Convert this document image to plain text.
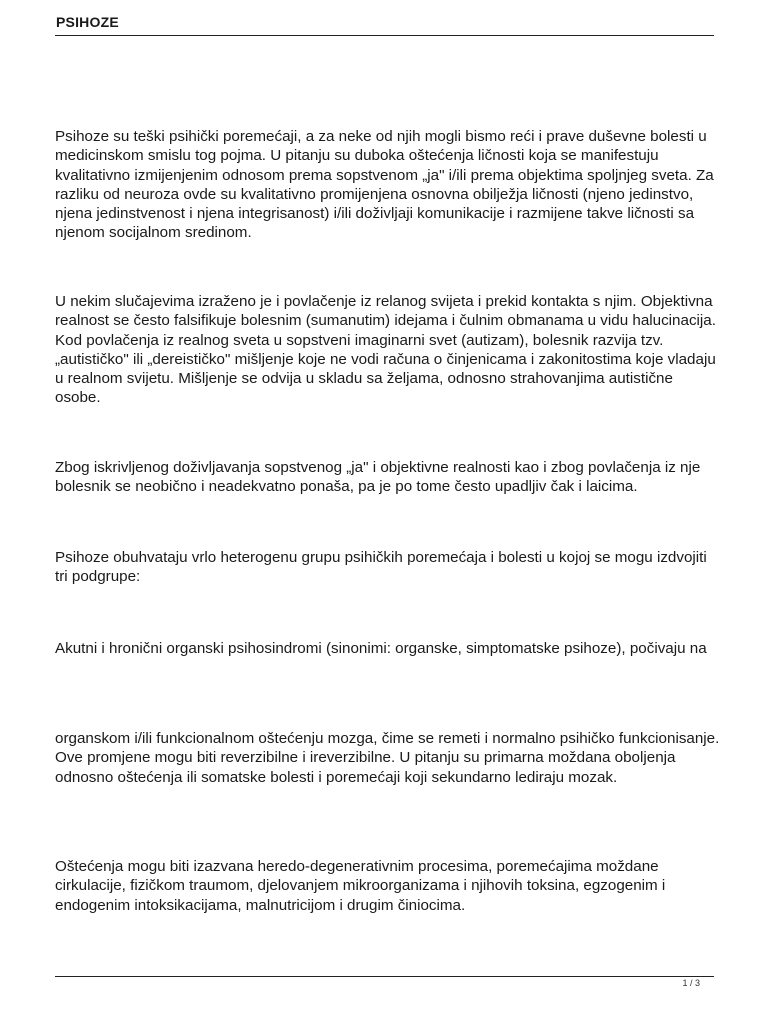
PSIHOZE

Psihoze su teški psihički poremećaji, a za neke od njih mogli bismo reći i prave duševne bolesti u medicinskom smislu tog pojma. U pitanju su duboka oštećenja ličnosti koja se manifestuju kvalitativno izmijenjenim odnosom prema sopstvenom „ja" i/ili prema objektima spoljnjeg sveta. Za razliku od neuroza ovde su kvalitativno promijenjena osnovna obilježja ličnosti (njeno jedinstvo, njena jedinstvenost i njena integrisanost) i/ili doživljaji komunikacije i razmijene takve ličnosti sa njenom socijalnom sredinom.

U nekim slučajevima izraženo je i povlačenje iz relanog svijeta i prekid kontakta s njim. Objektivna realnost se često falsifikuje bolesnim (sumanutim) idejama i čulnim obmanama u vidu halucinacija. Kod povlačenja iz realnog sveta u sopstveni imaginarni svet (autizam), bolesnik razvija tzv. „autističko" ili „dereističko" mišljenje koje ne vodi računa o činjenicama i zakonitostima koje vladaju u realnom svijetu. Mišljenje se odvija u skladu sa željama, odnosno strahovanjima autistične osobe.

Zbog iskrivljenog doživljavanja sopstvenog „ja" i objektivne realnosti kao i zbog povlačenja iz nje bolesnik se neobično i neadekvatno ponaša, pa je po tome često upadljiv čak i laicima.

Psihoze obuhvataju vrlo heterogenu grupu psihičkih poremećaja i bolesti u kojoj se mogu izdvojiti tri podgrupe:

Akutni i hronični organski psihosindromi (sinonimi: organske, simptomatske psihoze), počivaju na

organskom i/ili funkcionalnom oštećenju mozga, čime se remeti i normalno psihičko funkcionisanje. Ove promjene mogu biti reverzibilne i ireverzibilne. U pitanju su primarna moždana oboljenja odnosno oštećenja ili somatske bolesti i poremećaji koji sekundarno lediraju mozak.

Oštećenja mogu biti izazvana heredo-degenerativnim procesima, poremećajima moždane cirkulacije, fizičkom traumom, djelovanjem mikroorganizama i njihovih toksina, egzogenim i endogenim intoksikacijama, malnutricijom i drugim činiocima.

1 / 3
